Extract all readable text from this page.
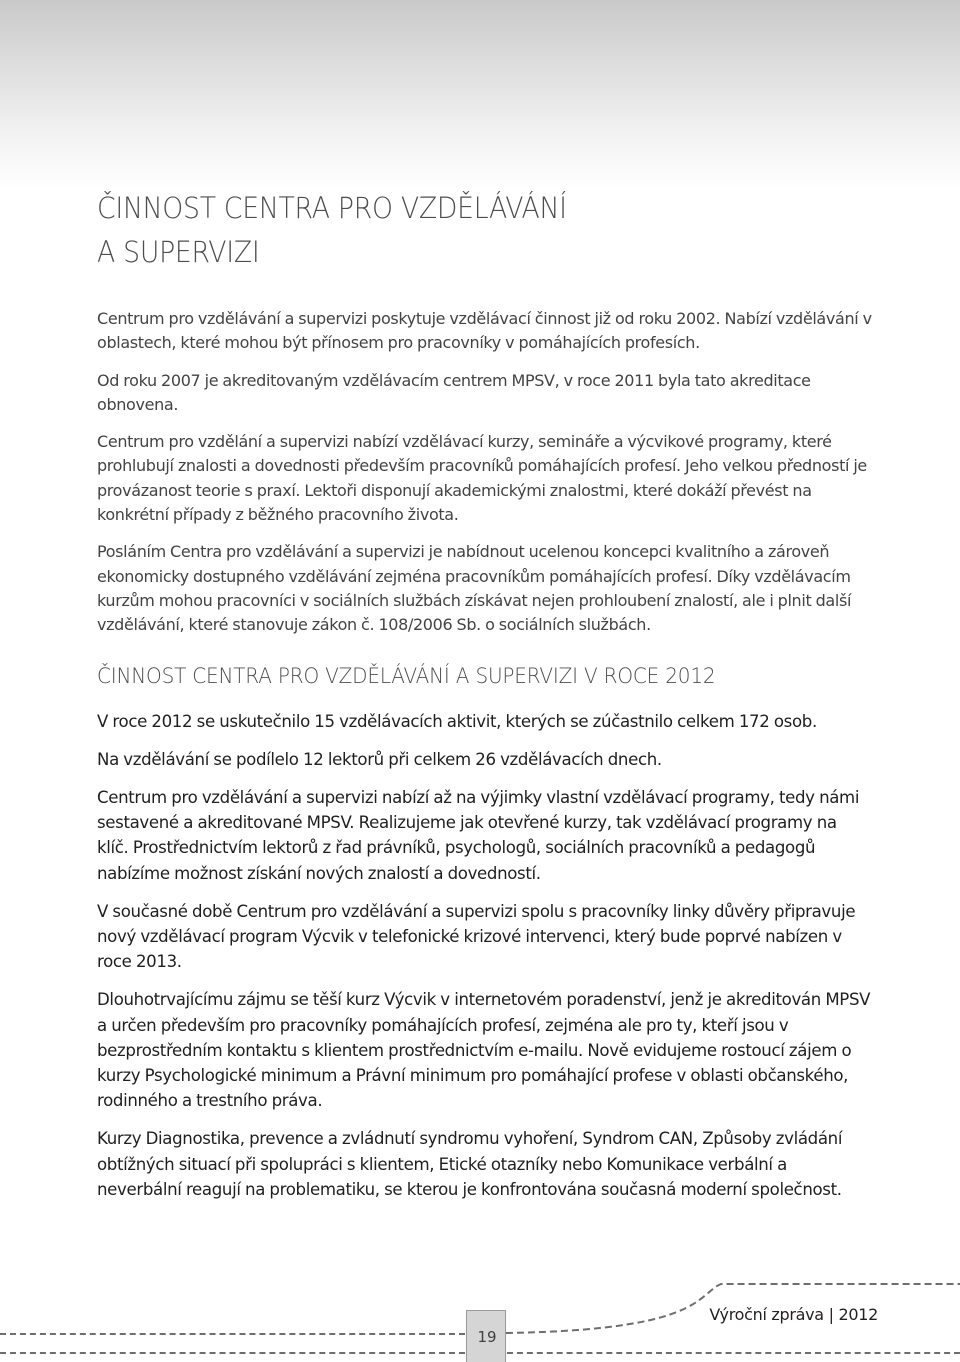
ČINNOST CENTRA PRO VZDĚLÁVÁNÍ
A SUPERVIZI

Centrum pro vzdělávání a supervizi poskytuje vzdělávací činnost již od roku 2002. Nabízí vzdělávání v oblastech, které mohou být přínosem pro pracovníky v pomáhajících profesích.

Od roku 2007 je akreditovaným vzdělávacím centrem MPSV, v roce 2011 byla tato akreditace obnovena.

Centrum pro vzdělání a supervizi nabízí vzdělávací kurzy, semináře a výcvikové programy, které prohlubují znalosti a dovednosti především pracovníků pomáhajících profesí. Jeho velkou předností je provázanost teorie s praxí. Lektoři disponují akademickými znalostmi, které dokáží převést na konkrétní případy z běžného pracovního života.

Posláním Centra pro vzdělávání a supervizi je nabídnout ucelenou koncepci kvalitního a zároveň ekonomicky dostupného vzdělávání zejména pracovníkům pomáhajících profesí. Díky vzdělávacím kurzům mohou pracovníci v sociálních službách získávat nejen prohloubení znalostí, ale i plnit další vzdělávání, které stanovuje zákon č. 108/2006 Sb. o sociálních službách.

ČINNOST CENTRA PRO VZDĚLÁVÁNÍ A SUPERVIZI V ROCE 2012

V roce 2012 se uskutečnilo 15 vzdělávacích aktivit, kterých se zúčastnilo celkem 172 osob.

Na vzdělávání se podílelo 12 lektorů při celkem 26 vzdělávacích dnech.

Centrum pro vzdělávání a supervizi nabízí až na výjimky vlastní vzdělávací programy, tedy námi sestavené a akreditované MPSV. Realizujeme jak otevřené kurzy, tak vzdělávací programy na klíč. Prostřednictvím lektorů z řad právníků, psychologů, sociálních pracovníků a pedagogů nabízíme možnost získání nových znalostí a dovedností.

V současné době Centrum pro vzdělávání a supervizi spolu s pracovníky linky důvěry připravuje nový vzdělávací program Výcvik v telefonické krizové intervenci, který bude poprvé nabízen v roce 2013.

Dlouhotrvajícímu zájmu se těší kurz Výcvik v internetovém poradenství, jenž je akreditován MPSV a určen především pro pracovníky pomáhajících profesí, zejména ale pro ty, kteří jsou v bezprostředním kontaktu s klientem prostřednictvím e-mailu. Nově evidujeme rostoucí zájem o kurzy Psychologické minimum a Právní minimum pro pomáhající profese v oblasti občanského, rodinného a trestního práva.

Kurzy Diagnostika, prevence a zvládnutí syndromu vyhoření, Syndrom CAN, Způsoby zvládání obtížných situací při spolupráci s klientem, Etické otazníky nebo Komunikace verbální a neverbální reagují na problematiku, se kterou je konfrontována současná moderní společnost.

19
Výroční zpráva | 2012
